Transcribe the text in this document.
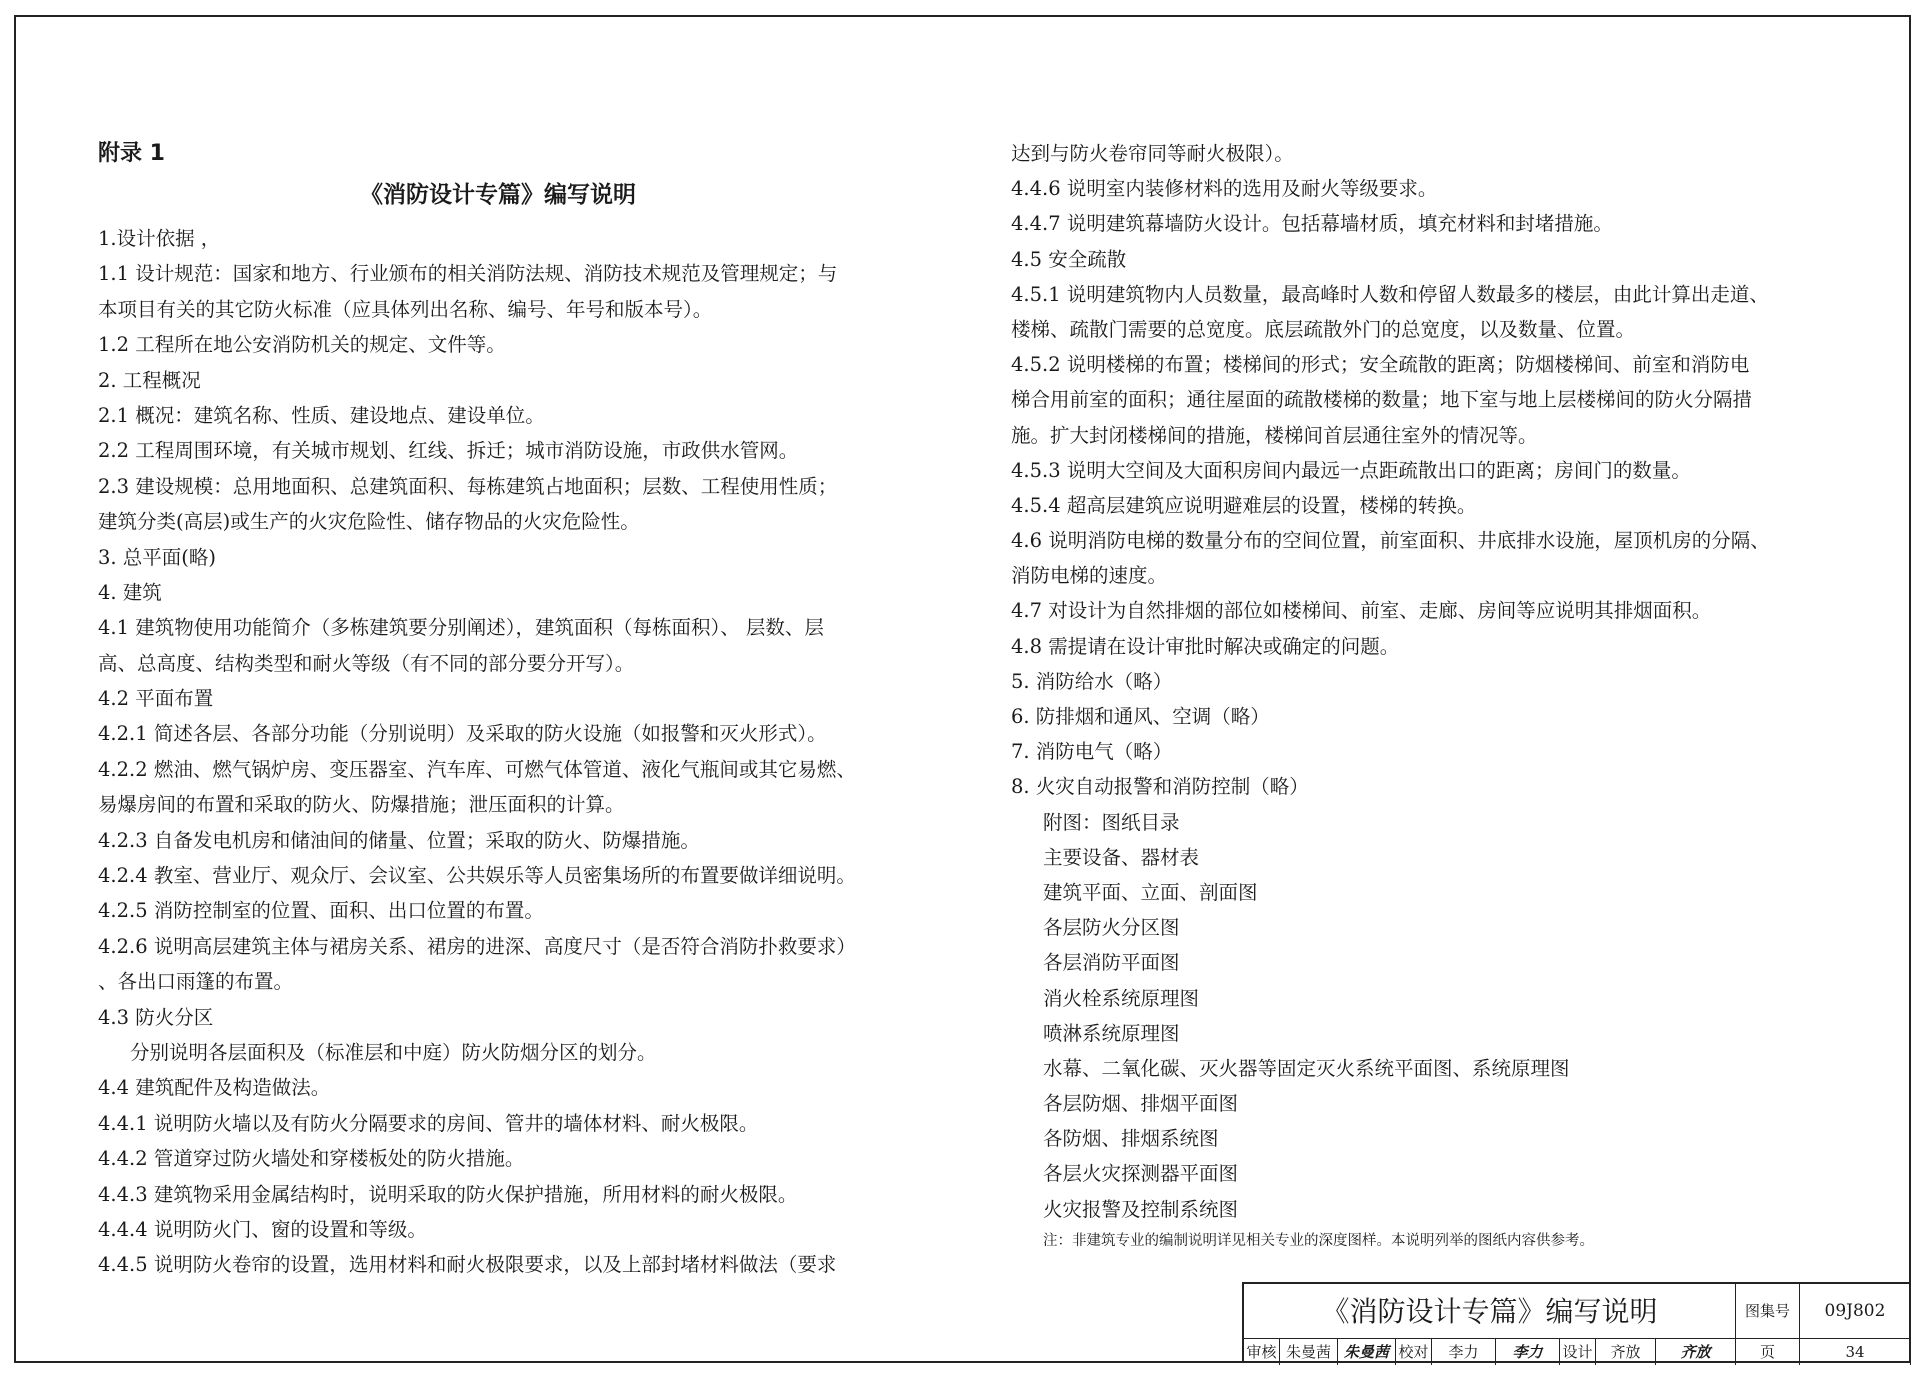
附录 1
《消防设计专篇》编写说明
1.设计依据 ，
1.1 设计规范：国家和地方、行业颁布的相关消防法规、消防技术规范及管理规定；与
本项目有关的其它防火标准（应具体列出名称、编号、年号和版本号）。
1.2 工程所在地公安消防机关的规定、文件等。
2. 工程概况
2.1 概况：建筑名称、性质、建设地点、建设单位。
2.2 工程周围环境，有关城市规划、红线、拆迁；城市消防设施，市政供水管网。
2.3 建设规模：总用地面积、总建筑面积、每栋建筑占地面积；层数、工程使用性质；
建筑分类(高层)或生产的火灾危险性、储存物品的火灾危险性。
3. 总平面(略)
4. 建筑
4.1 建筑物使用功能简介（多栋建筑要分别阐述），建筑面积（每栋面积）、 层数、层
高、总高度、结构类型和耐火等级（有不同的部分要分开写）。
4.2 平面布置
4.2.1 简述各层、各部分功能（分别说明）及采取的防火设施（如报警和灭火形式）。
4.2.2 燃油、燃气锅炉房、变压器室、汽车库、可燃气体管道、液化气瓶间或其它易燃、
易爆房间的布置和采取的防火、防爆措施；泄压面积的计算。
4.2.3 自备发电机房和储油间的储量、位置；采取的防火、防爆措施。
4.2.4 教室、营业厅、观众厅、会议室、公共娱乐等人员密集场所的布置要做详细说明。
4.2.5 消防控制室的位置、面积、出口位置的布置。
4.2.6 说明高层建筑主体与裙房关系、裙房的进深、高度尺寸（是否符合消防扑救要求）
、各出口雨篷的布置。
4.3 防火分区
分别说明各层面积及（标准层和中庭）防火防烟分区的划分。
4.4 建筑配件及构造做法。
4.4.1 说明防火墙以及有防火分隔要求的房间、管井的墙体材料、耐火极限。
4.4.2 管道穿过防火墙处和穿楼板处的防火措施。
4.4.3 建筑物采用金属结构时，说明采取的防火保护措施，所用材料的耐火极限。
4.4.4 说明防火门、窗的设置和等级。
4.4.5 说明防火卷帘的设置，选用材料和耐火极限要求，以及上部封堵材料做法（要求
达到与防火卷帘同等耐火极限）。
4.4.6 说明室内装修材料的选用及耐火等级要求。
4.4.7 说明建筑幕墙防火设计。包括幕墙材质，填充材料和封堵措施。
4.5 安全疏散
4.5.1 说明建筑物内人员数量，最高峰时人数和停留人数最多的楼层，由此计算出走道、
楼梯、疏散门需要的总宽度。底层疏散外门的总宽度，以及数量、位置。
4.5.2 说明楼梯的布置；楼梯间的形式；安全疏散的距离；防烟楼梯间、前室和消防电
梯合用前室的面积；通往屋面的疏散楼梯的数量；地下室与地上层楼梯间的防火分隔措
施。扩大封闭楼梯间的措施，楼梯间首层通往室外的情况等。
4.5.3 说明大空间及大面积房间内最远一点距疏散出口的距离；房间门的数量。
4.5.4 超高层建筑应说明避难层的设置，楼梯的转换。
4.6 说明消防电梯的数量分布的空间位置，前室面积、井底排水设施，屋顶机房的分隔、
消防电梯的速度。
4.7 对设计为自然排烟的部位如楼梯间、前室、走廊、房间等应说明其排烟面积。
4.8 需提请在设计审批时解决或确定的问题。
5. 消防给水（略）
6. 防排烟和通风、空调（略）
7. 消防电气（略）
8. 火灾自动报警和消防控制（略）
附图：图纸目录
主要设备、器材表
建筑平面、立面、剖面图
各层防火分区图
各层消防平面图
消火栓系统原理图
喷淋系统原理图
水幕、二氧化碳、灭火器等固定灭火系统平面图、系统原理图
各层防烟、排烟平面图
各防烟、排烟系统图
各层火灾探测器平面图
火灾报警及控制系统图
注：非建筑专业的编制说明详见相关专业的深度图样。本说明列举的图纸内容供参考。
《消防设计专篇》编写说明	图集号	09J802
审核 朱曼茜 朱曼茜 校对	李力	李力	设计	齐放	齐放	页	34
